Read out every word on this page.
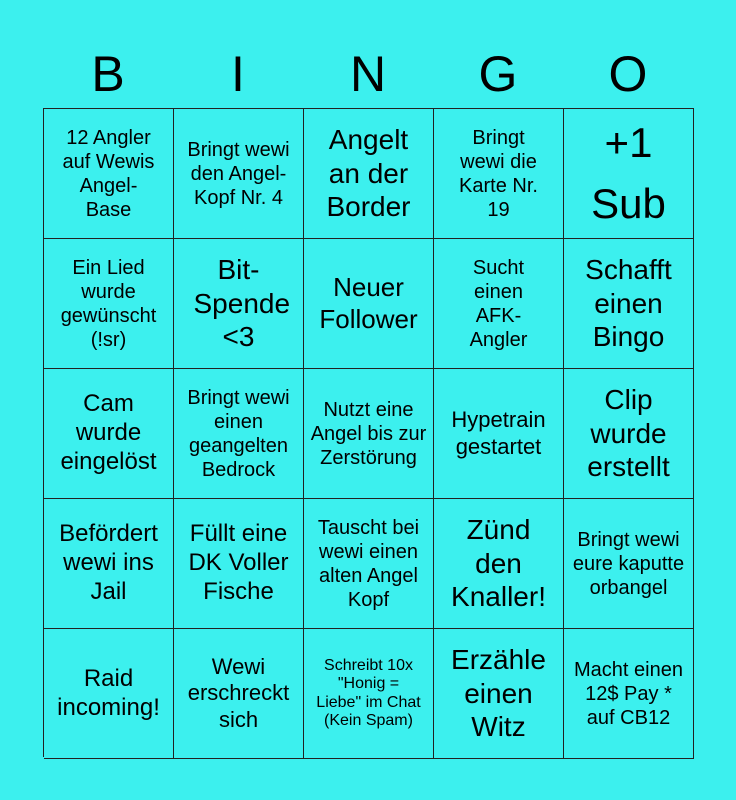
B	I	N	G	O
12 Angler auf Wewis Angel-Base
Bringt wewi den Angel-Kopf Nr. 4
Angelt an der Border
Bringt wewi die Karte Nr. 19
+1 Sub
Ein Lied wurde gewünscht (!sr)
Bit-Spende <3
Neuer Follower
Sucht einen AFK-Angler
Schafft einen Bingo
Cam wurde eingelöst
Bringt wewi einen geangelten Bedrock
Nutzt eine Angel bis zur Zerstörung
Hypetrain gestartet
Clip wurde erstellt
Befördert wewi ins Jail
Füllt eine DK Voller Fische
Tauscht bei wewi einen alten Angel Kopf
Zünd den Knaller!
Bringt wewi eure kaputte orbangel
Raid incoming!
Wewi erschreckt sich
Schreibt 10x "Honig = Liebe" im Chat (Kein Spam)
Erzähle einen Witz
Macht einen 12$ Pay * auf CB12
